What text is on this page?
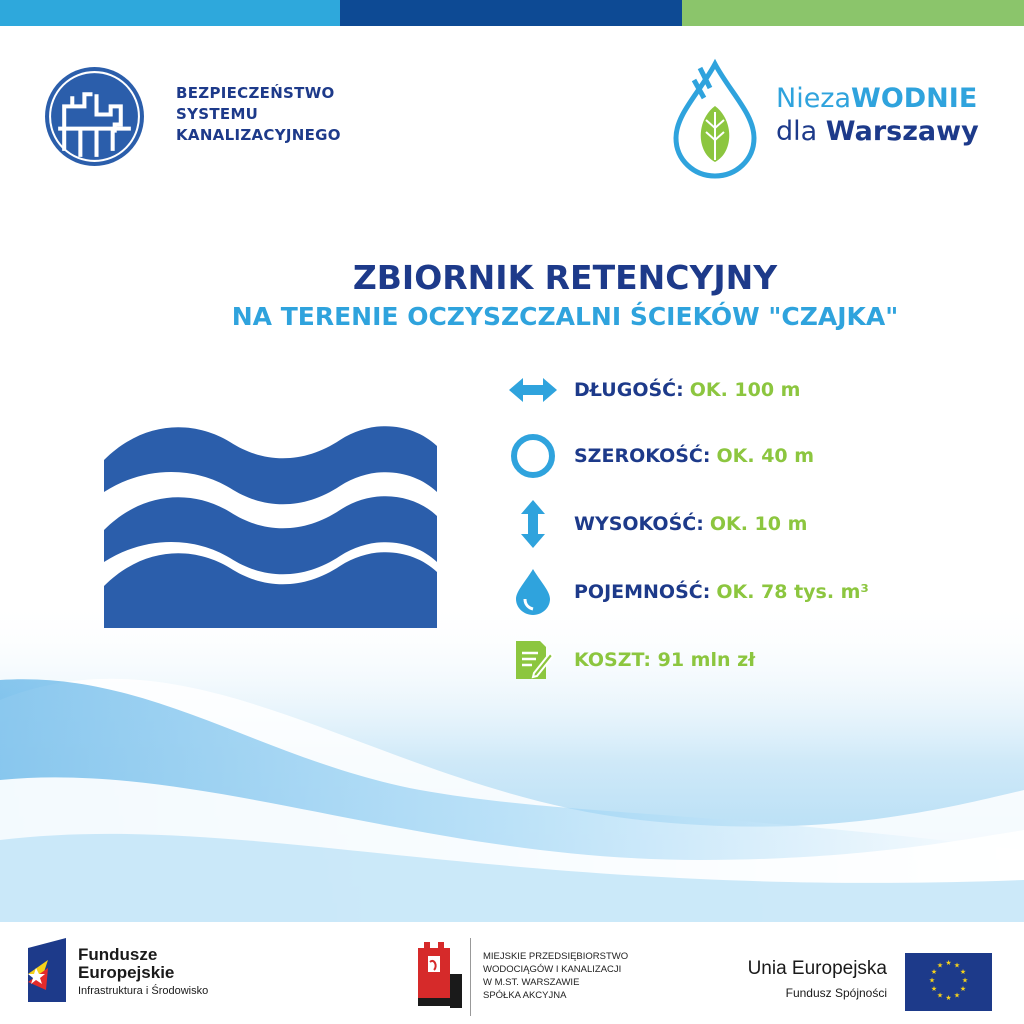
BEZPIECZEŃSTWO
SYSTEMU
KANALIZACYJNEGO
NiezaWODNIE
dla Warszawy
ZBIORNIK RETENCYJNY
NA TERENIE OCZYSZCZALNI ŚCIEKÓW "CZAJKA"
DŁUGOŚĆ: OK. 100 m
SZEROKOŚĆ: OK. 40 m
WYSOKOŚĆ: OK. 10 m
POJEMNOŚĆ: OK. 78 tys. m³
KOSZT: 91 mln zł
Fundusze
Europejskie
Infrastruktura i Środowisko
MIEJSKIE PRZEDSIĘBIORSTWO
WODOCIĄGÓW I KANALIZACJI
W M.ST. WARSZAWIE
SPÓŁKA AKCYJNA
Unia Europejska
Fundusz Spójności
★ ★
★
★
★
★
★
★
★
★
★
★
